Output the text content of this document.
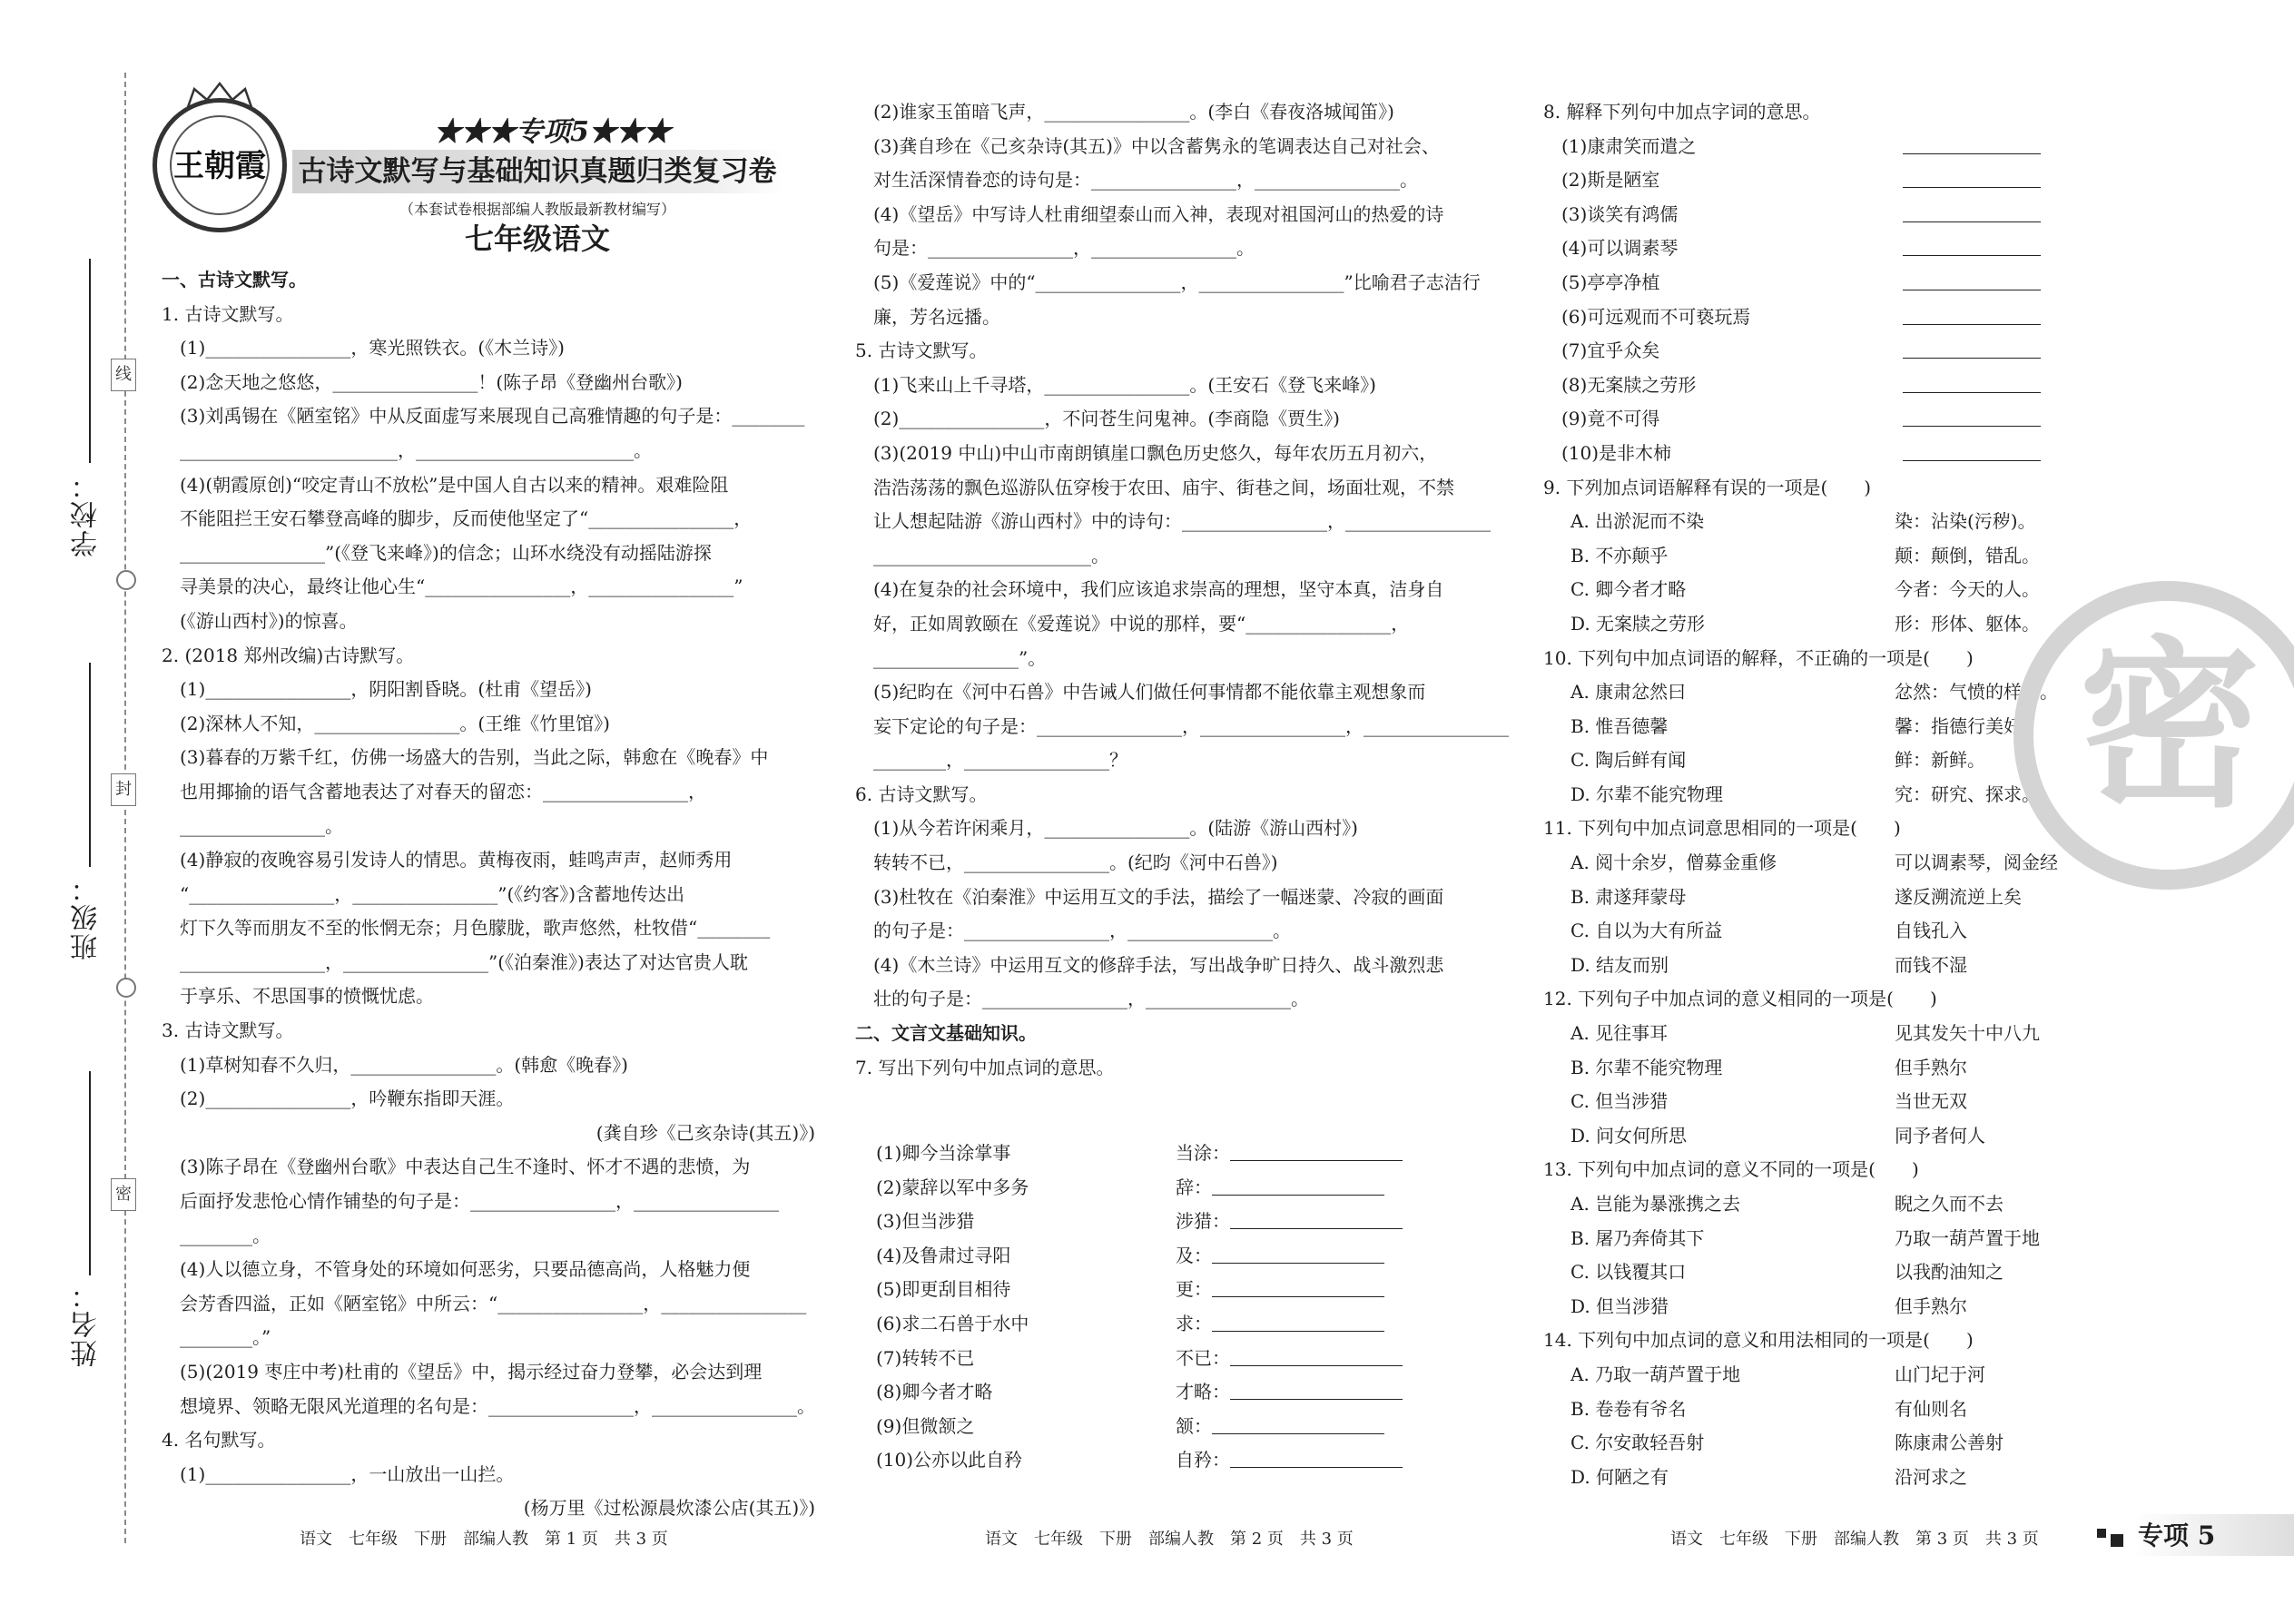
线
封
密
学校：
班级：
姓名：
王朝霞
★★★专项5★★★
古诗文默写与基础知识真题归类复习卷
（本套试卷根据部编人教版最新教材编写）
七年级语文

一、古诗文默写。

1. 古诗文默写。

(1)________________，寒光照铁衣。(《木兰诗》)

(2)念天地之悠悠，________________！(陈子昂《登幽州台歌》)

(3)刘禹锡在《陋室铭》中从反面虚写来展现自己高雅情趣的句子是：________

________________________，________________________。

(4)(朝霞原创)“咬定青山不放松”是中国人自古以来的精神。艰难险阻

不能阻拦王安石攀登高峰的脚步，反而使他坚定了“________________，

________________”(《登飞来峰》)的信念；山环水绕没有动摇陆游探

寻美景的决心，最终让他心生“________________，________________”

(《游山西村》)的惊喜。

2. (2018 郑州改编)古诗默写。

(1)________________，阴阳割昏晓。(杜甫《望岳》)

(2)深林人不知，________________。(王维《竹里馆》)

(3)暮春的万紫千红，仿佛一场盛大的告别，当此之际，韩愈在《晚春》中

也用揶揄的语气含蓄地表达了对春天的留恋：________________，

________________。

(4)静寂的夜晚容易引发诗人的情思。黄梅夜雨，蛙鸣声声，赵师秀用

“________________，________________”(《约客》)含蓄地传达出

灯下久等而朋友不至的怅惘无奈；月色朦胧，歌声悠然，杜牧借“________

________________，________________”(《泊秦淮》)表达了对达官贵人耽

于享乐、不思国事的愤慨忧虑。

3. 古诗文默写。

(1)草树知春不久归，________________。(韩愈《晚春》)

(2)________________，吟鞭东指即天涯。

(龚自珍《己亥杂诗(其五)》)

(3)陈子昂在《登幽州台歌》中表达自己生不逢时、怀才不遇的悲愤，为

后面抒发悲怆心情作铺垫的句子是：________________，________________

________。

(4)人以德立身，不管身处的环境如何恶劣，只要品德高尚，人格魅力便

会芳香四溢，正如《陋室铭》中所云：“________________，________________

________。”

(5)(2019 枣庄中考)杜甫的《望岳》中，揭示经过奋力登攀，必会达到理

想境界、领略无限风光道理的名句是：________________，________________。

4. 名句默写。

(1)________________，一山放出一山拦。

(杨万里《过松源晨炊漆公店(其五)》)

(2)谁家玉笛暗飞声，________________。(李白《春夜洛城闻笛》)

(3)龚自珍在《己亥杂诗(其五)》中以含蓄隽永的笔调表达自己对社会、

对生活深情眷恋的诗句是：________________，________________。

(4)《望岳》中写诗人杜甫细望泰山而入神，表现对祖国河山的热爱的诗

句是：________________，________________。

(5)《爱莲说》中的“________________，________________”比喻君子志洁行

廉，芳名远播。

5. 古诗文默写。

(1)飞来山上千寻塔，________________。(王安石《登飞来峰》)

(2)________________，不问苍生问鬼神。(李商隐《贾生》)

(3)(2019 中山)中山市南朗镇崖口飘色历史悠久，每年农历五月初六，

浩浩荡荡的飘色巡游队伍穿梭于农田、庙宇、街巷之间，场面壮观，不禁

让人想起陆游《游山西村》中的诗句：________________，________________

________________________。

(4)在复杂的社会环境中，我们应该追求崇高的理想，坚守本真，洁身自

好，正如周敦颐在《爱莲说》中说的那样，要“________________，

________________”。

(5)纪昀在《河中石兽》中告诫人们做任何事情都不能依靠主观想象而

妄下定论的句子是：________________，________________，________________

________，________________？

6. 古诗文默写。

(1)从今若许闲乘月，________________。(陆游《游山西村》)

转转不已，________________。(纪昀《河中石兽》)

(3)杜牧在《泊秦淮》中运用互文的手法，描绘了一幅迷蒙、冷寂的画面

的句子是：________________，________________。

(4)《木兰诗》中运用互文的修辞手法，写出战争旷日持久、战斗激烈悲

壮的句子是：________________，________________。

二、文言文基础知识。

7. 写出下列句中加点词的意思。

(1)卿今当涂掌事	当涂：
(2)蒙辞以军中多务	辞：
(3)但当涉猎	涉猎：
(4)及鲁肃过寻阳	及：
(5)即更刮目相待	更：
(6)求二石兽于水中	求：
(7)转转不已	不已：
(8)卿今者才略	才略：
(9)但微颔之	颔：
(10)公亦以此自矜	自矜：

8. 解释下列句中加点字词的意思。

(1)康肃笑而遣之
(2)斯是陋室
(3)谈笑有鸿儒
(4)可以调素琴
(5)亭亭净植
(6)可远观而不可亵玩焉
(7)宜乎众矣
(8)无案牍之劳形
(9)竟不可得
(10)是非木柿

9. 下列加点词语解释有误的一项是(　　)

A. 出淤泥而不染	染：沾染(污秽)。
B. 不亦颠乎	颠：颠倒，错乱。
C. 卿今者才略	今者：今天的人。
D. 无案牍之劳形	形：形体、躯体。

10. 下列句中加点词语的解释，不正确的一项是(　　)

A. 康肃忿然曰	忿然：气愤的样子。
B. 惟吾德馨	馨：指德行美好。
C. 陶后鲜有闻	鲜：新鲜。
D. 尔辈不能究物理	究：研究、探求。

11. 下列句中加点词意思相同的一项是(　　)

A. 阅十余岁，僧募金重修	可以调素琴，阅金经
B. 肃遂拜蒙母	遂反溯流逆上矣
C. 自以为大有所益	自钱孔入
D. 结友而别	而钱不湿

12. 下列句子中加点词的意义相同的一项是(　　)

A. 见往事耳	见其发矢十中八九
B. 尔辈不能究物理	但手熟尔
C. 但当涉猎	当世无双
D. 问女何所思	同予者何人

13. 下列句中加点词的意义不同的一项是(　　)

A. 岂能为暴涨携之去	睨之久而不去
B. 屠乃奔倚其下	乃取一葫芦置于地
C. 以钱覆其口	以我酌油知之
D. 但当涉猎	但手熟尔

14. 下列句中加点词的意义和用法相同的一项是(　　)

A. 乃取一葫芦置于地	山门圮于河
B. 卷卷有爷名	有仙则名
C. 尔安敢轻吾射	陈康肃公善射
D. 何陋之有	沿河求之
密
语文　七年级　下册　部编人教　第 1 页　共 3 页	语文　七年级　下册　部编人教　第 2 页　共 3 页	语文　七年级　下册　部编人教　第 3 页　共 3 页	专项 5
